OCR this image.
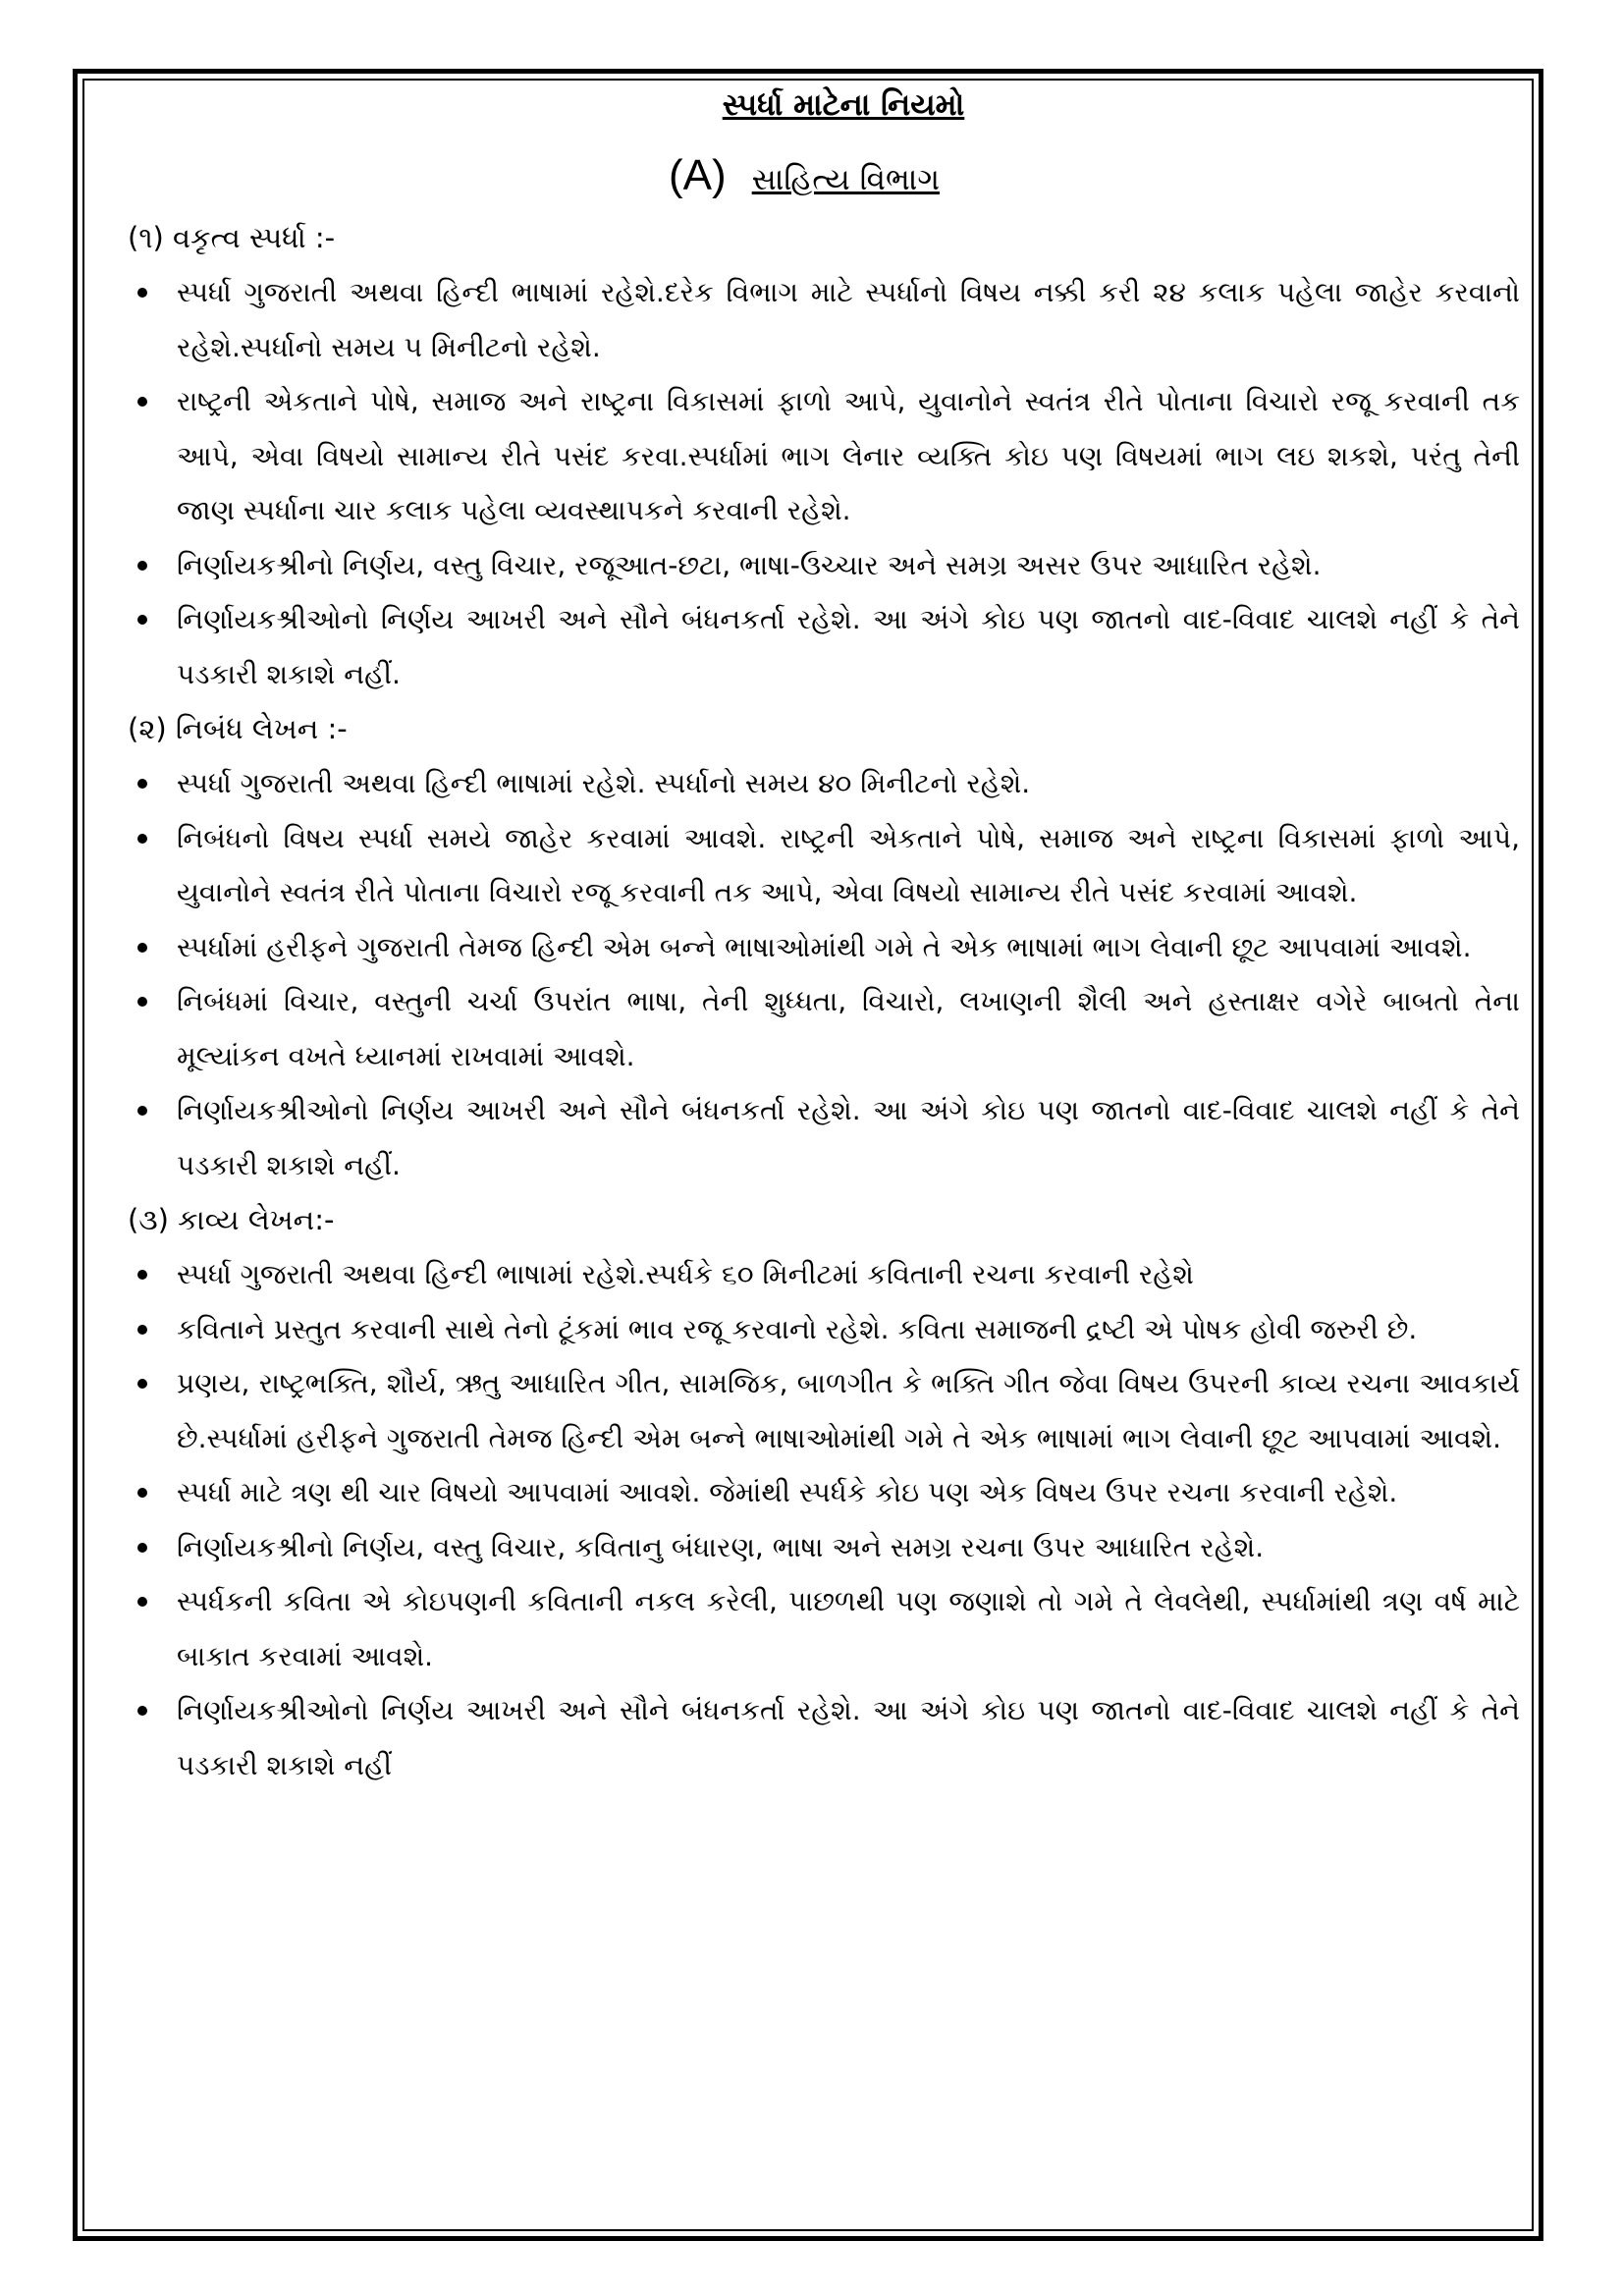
સ્પર્ધા માટેના નિયમો
(A) સાહિત્ય વિભાગ

(૧) વકૃત્વ સ્પર્ધા :-

સ્પર્ધા ગુજરાતી અથવા હિન્દી ભાષામાં રહેશે.દરેક વિભાગ માટે સ્પર્ધાનો વિષય નક્કી કરી ૨૪ કલાક પહેલા જાહેર કરવાનો રહેશે.સ્પર્ધાનો સમય ૫ મિનીટનો રહેશે.
રાષ્ટ્રની એકતાને પોષે, સમાજ અને રાષ્ટ્રના વિકાસમાં ફાળો આપે, યુવાનોને સ્વતંત્ર રીતે પોતાના વિચારો રજૂ કરવાની તક આપે, એવા વિષયો સામાન્ય રીતે પસંદ કરવા.સ્પર્ધામાં ભાગ લેનાર વ્યક્તિ કોઇ પણ વિષયમાં ભાગ લઇ શકશે, પરંતુ તેની જાણ સ્પર્ધાના ચાર કલાક પહેલા વ્યવસ્થાપકને કરવાની રહેશે.
નિર્ણાયકશ્રીનો નિર્ણય, વસ્તુ વિચાર, રજૂઆત-છટા, ભાષા-ઉચ્ચાર અને સમગ્ર અસર ઉપર આધારિત રહેશે.
નિર્ણાયકશ્રીઓનો નિર્ણય આખરી અને સૌને બંધનકર્તા રહેશે. આ અંગે કોઇ પણ જાતનો વાદ-વિવાદ ચાલશે નહીં કે તેને પડકારી શકાશે નહીં.

(૨) નિબંધ લેખન :-

સ્પર્ધા ગુજરાતી અથવા હિન્દી ભાષામાં રહેશે. સ્પર્ધાનો સમય ૪૦ મિનીટનો રહેશે.
નિબંધનો વિષય સ્પર્ધા સમયે જાહેર કરવામાં આવશે. રાષ્ટ્રની એકતાને પોષે, સમાજ અને રાષ્ટ્રના વિકાસમાં ફાળો આપે, યુવાનોને સ્વતંત્ર રીતે પોતાના વિચારો રજૂ કરવાની તક આપે, એવા વિષયો સામાન્ય રીતે પસંદ કરવામાં આવશે.
સ્પર્ધામાં હરીફને ગુજરાતી તેમજ હિન્દી એમ બન્ને ભાષાઓમાંથી ગમે તે એક ભાષામાં ભાગ લેવાની છૂટ આપવામાં આવશે.
નિબંધમાં વિચાર, વસ્તુની ચર્ચા ઉપરાંત ભાષા, તેની શુધ્ધતા, વિચારો, લખાણની શૈલી અને હસ્તાક્ષર વગેરે બાબતો તેના મૂલ્યાંકન વખતે ધ્યાનમાં રાખવામાં આવશે.
નિર્ણાયકશ્રીઓનો નિર્ણય આખરી અને સૌને બંધનકર્તા રહેશે. આ અંગે કોઇ પણ જાતનો વાદ-વિવાદ ચાલશે નહીં કે તેને પડકારી શકાશે નહીં.

(૩) કાવ્ય લેખન:-

સ્પર્ધા ગુજરાતી અથવા હિન્દી ભાષામાં રહેશે.સ્પર્ધકે ૬૦ મિનીટમાં કવિતાની રચના કરવાની રહેશે
કવિતાને પ્રસ્તુત કરવાની સાથે તેનો ટૂંકમાં ભાવ રજૂ કરવાનો રહેશે. કવિતા સમાજની દ્રષ્ટી એ પોષક હોવી જરુરી છે.
પ્રણય, રાષ્ટ્રભક્તિ, શૌર્ય, ઋતુ આધારિત ગીત, સામજિક, બાળગીત કે ભક્તિ ગીત જેવા વિષય ઉપરની કાવ્ય રચના આવકાર્ય છે.સ્પર્ધામાં હરીફને ગુજરાતી તેમજ હિન્દી એમ બન્ને ભાષાઓમાંથી ગમે તે એક ભાષામાં ભાગ લેવાની છૂટ આપવામાં આવશે.
સ્પર્ધા માટે ત્રણ થી ચાર વિષયો આપવામાં આવશે. જેમાંથી સ્પર્ધકે કોઇ પણ એક વિષય ઉપર રચના કરવાની રહેશે.
નિર્ણાયકશ્રીનો નિર્ણય, વસ્તુ વિચાર, કવિતાનુ બંધારણ, ભાષા અને સમગ્ર રચના ઉપર આધારિત રહેશે.
સ્પર્ધકની કવિતા એ કોઇપણની કવિતાની નકલ કરેલી, પાછળથી પણ જણાશે તો ગમે તે લેવલેથી, સ્પર્ધામાંથી ત્રણ વર્ષ માટે બાકાત કરવામાં આવશે.
નિર્ણાયકશ્રીઓનો નિર્ણય આખરી અને સૌને બંધનકર્તા રહેશે. આ અંગે કોઇ પણ જાતનો વાદ-વિવાદ ચાલશે નહીં કે તેને પડકારી શકાશે નહીં
